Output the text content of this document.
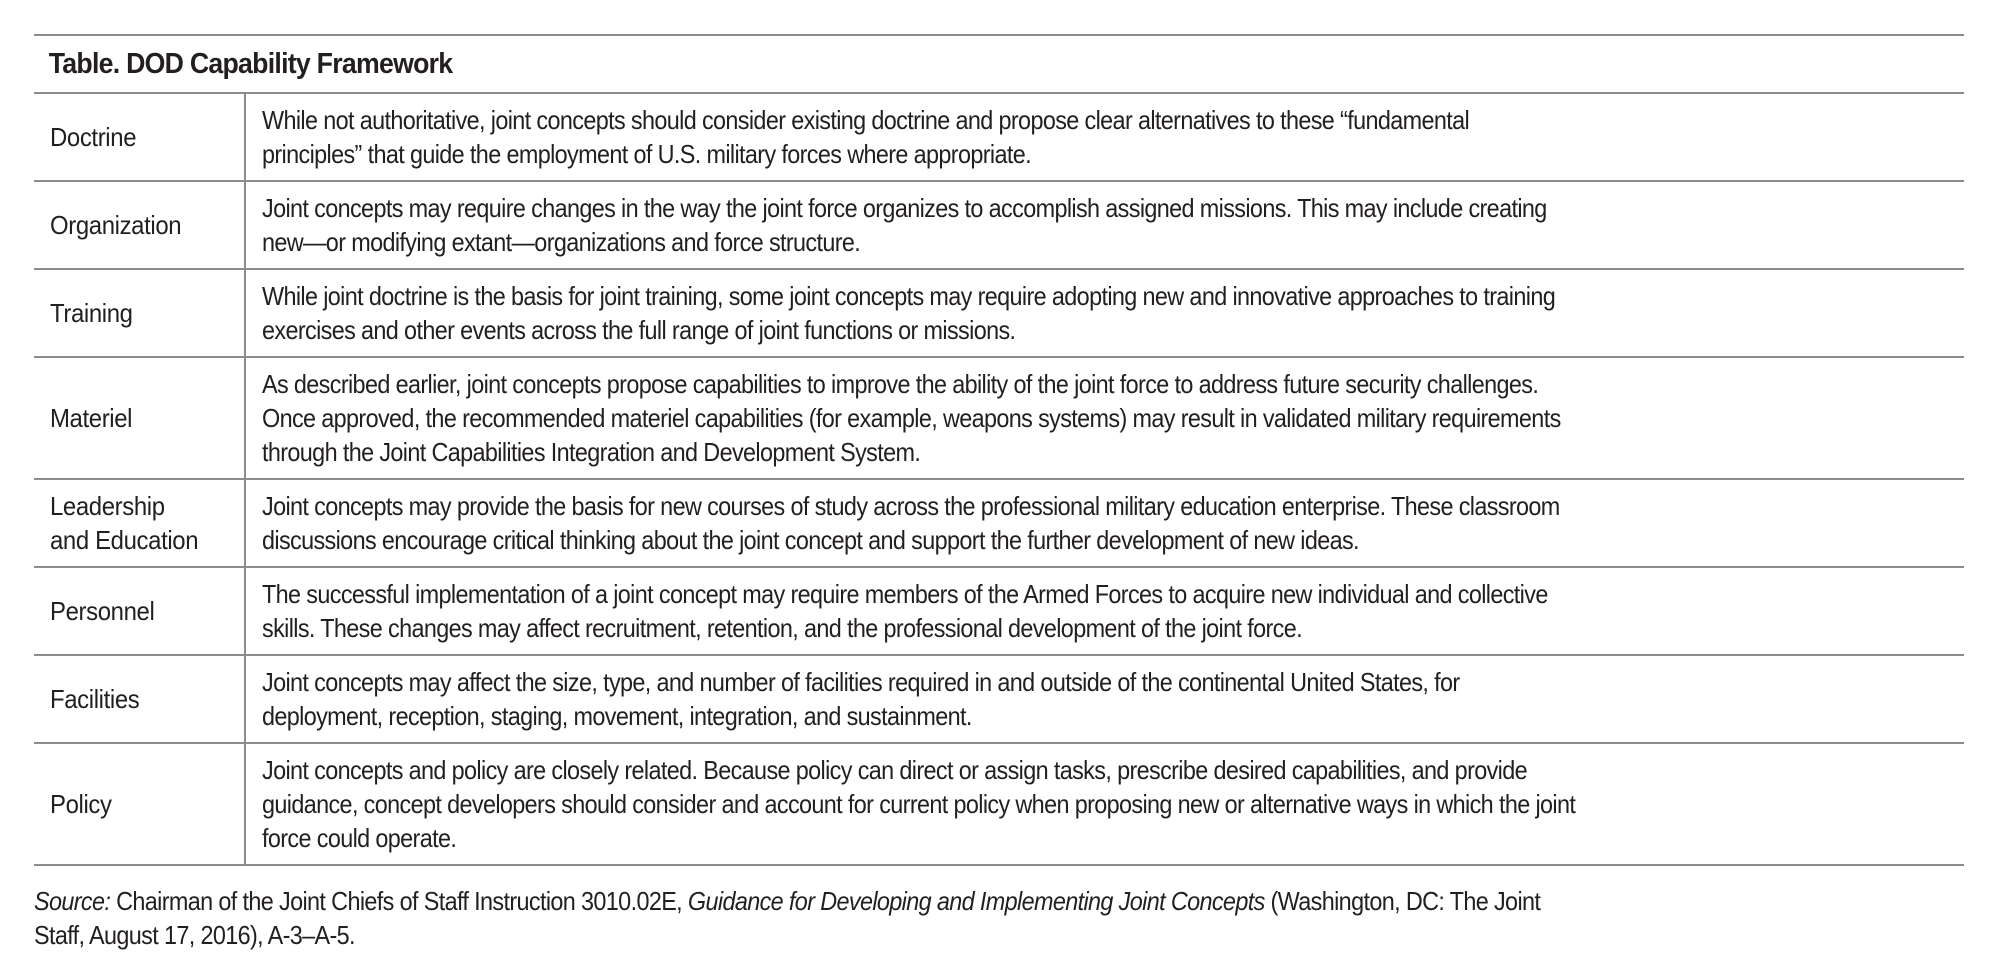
Table. DOD Capability Framework
Doctrine
While not authoritative, joint concepts should consider existing doctrine and propose clear alternatives to these “fundamental
principles” that guide the employment of U.S. military forces where appropriate.
Organization
Joint concepts may require changes in the way the joint force organizes to accomplish assigned missions. This may include creating
new—or modifying extant—organizations and force structure.
Training
While joint doctrine is the basis for joint training, some joint concepts may require adopting new and innovative approaches to training
exercises and other events across the full range of joint functions or missions.
Materiel
As described earlier, joint concepts propose capabilities to improve the ability of the joint force to address future security challenges.
Once approved, the recommended materiel capabilities (for example, weapons systems) may result in validated military requirements
through the Joint Capabilities Integration and Development System.
Leadership
and Education
Joint concepts may provide the basis for new courses of study across the professional military education enterprise. These classroom
discussions encourage critical thinking about the joint concept and support the further development of new ideas.
Personnel
The successful implementation of a joint concept may require members of the Armed Forces to acquire new individual and collective
skills. These changes may affect recruitment, retention, and the professional development of the joint force.
Facilities
Joint concepts may affect the size, type, and number of facilities required in and outside of the continental United States, for
deployment, reception, staging, movement, integration, and sustainment.
Policy
Joint concepts and policy are closely related. Because policy can direct or assign tasks, prescribe desired capabilities, and provide
guidance, concept developers should consider and account for current policy when proposing new or alternative ways in which the joint
force could operate.
Source: Chairman of the Joint Chiefs of Staff Instruction 3010.02E, Guidance for Developing and Implementing Joint Concepts (Washington, DC: The Joint
Staff, August 17, 2016), A-3–A-5.
